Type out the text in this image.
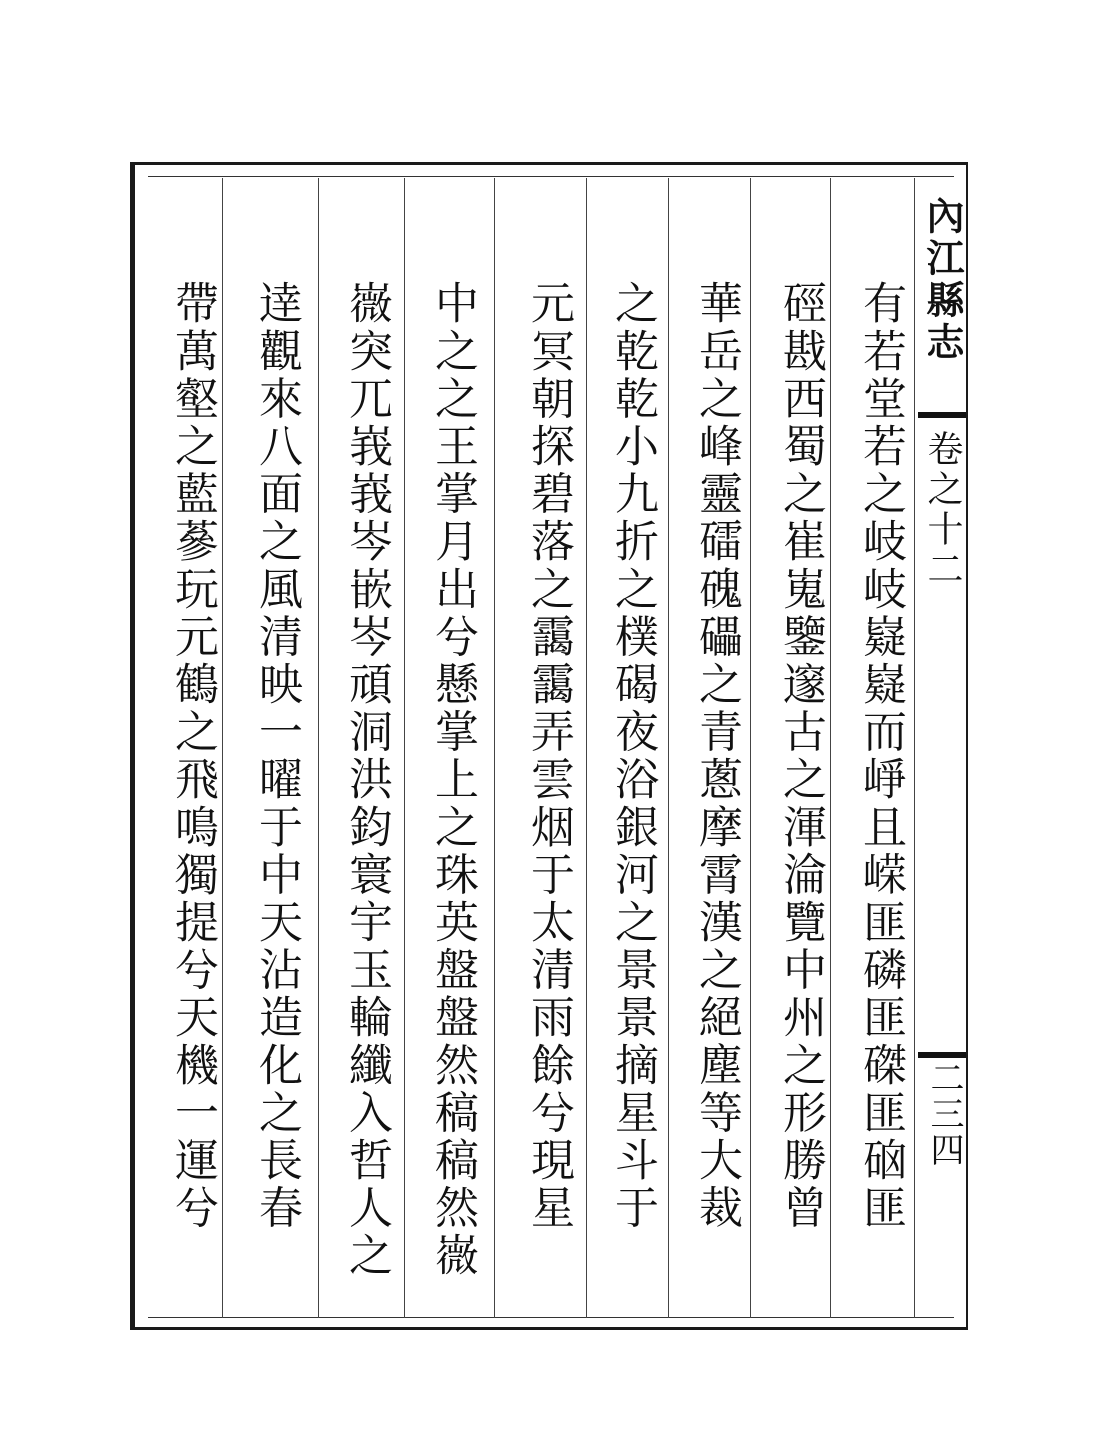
內江縣志
卷之十二
二三四
有若堂若之岐岐嶷嶷而崢且嵘匪磷匪磔匪硇匪
硜戡西蜀之崔嵬鑒邃古之渾淪覽中州之形勝曾
華岳之峰靈礌磈礧之青蔥摩霄漢之絕塵等大裁
之乾乾小九折之樸碣夜浴銀河之景景摘星斗于
元冥朝探碧落之靄靄弄雲烟于太清雨餘兮現星
中之之王掌月出兮懸掌上之珠英盤盤然稿稿然嶶
嶶突兀峩峩岑嵌岑頑洞洪鈞寰宇玉輪纖入哲人之
逹觀來八面之風清映一曜于中天沾造化之長春
帶萬壑之藍蔘玩元鶴之飛鳴獨提兮天機一運兮
